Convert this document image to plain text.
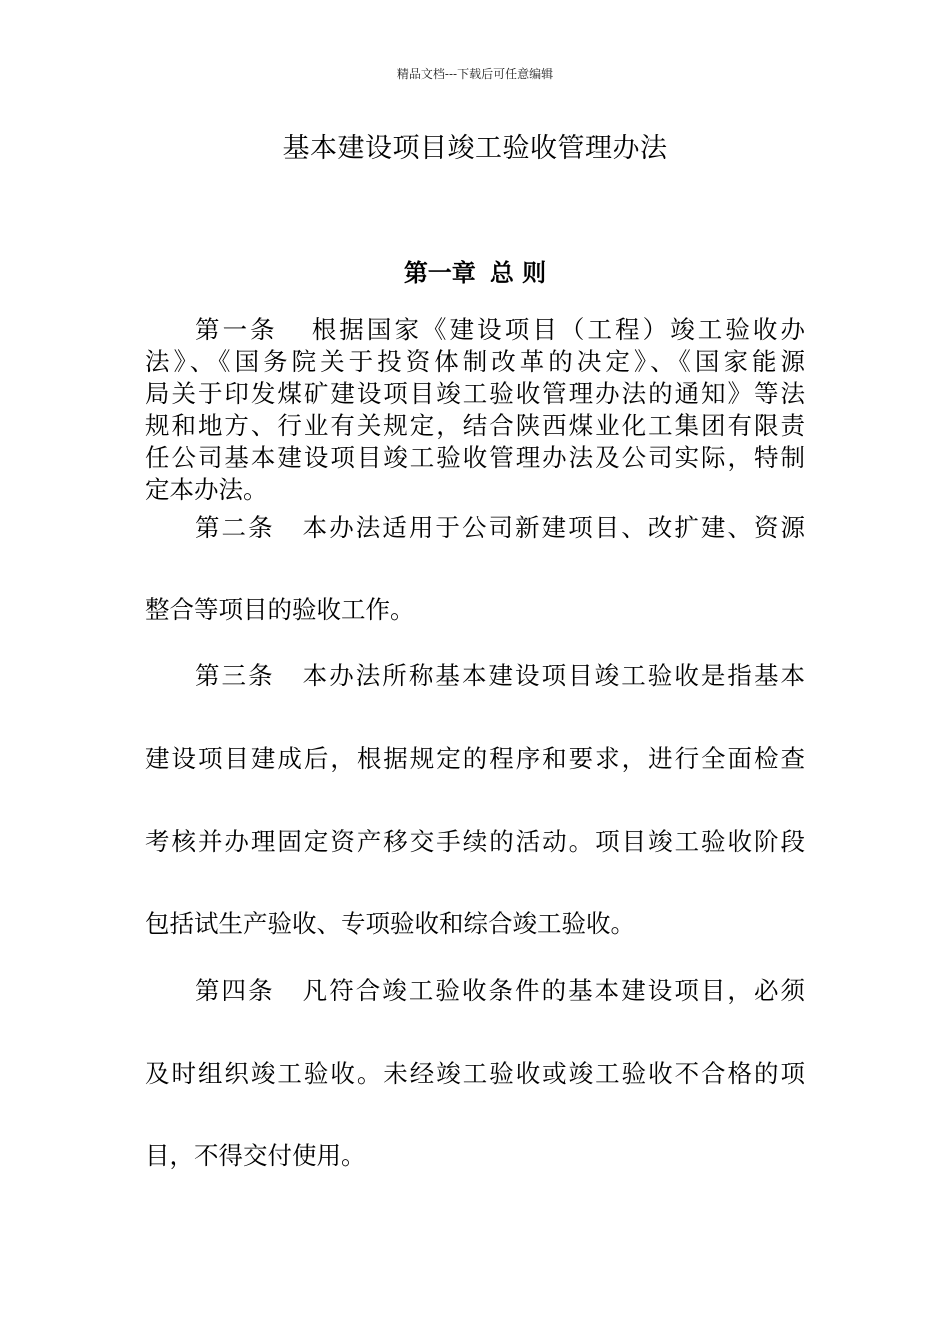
精品文档---下载后可任意编辑
基本建设项目竣工验收管理办法
第一章 总 则
第一条 根据国家《建设项目（工程）竣工验收办
法》、《国务院关于投资体制改革的决定》、《国家能源
局关于印发煤矿建设项目竣工验收管理办法的通知》等法
规和地方、行业有关规定，结合陕西煤业化工集团有限责
任公司基本建设项目竣工验收管理办法及公司实际，特制
定本办法。
第二条 本办法适用于公司新建项目、改扩建、资源
整合等项目的验收工作。
第三条 本办法所称基本建设项目竣工验收是指基本
建设项目建成后，根据规定的程序和要求，进行全面检查
考核并办理固定资产移交手续的活动。项目竣工验收阶段
包括试生产验收、专项验收和综合竣工验收。
第四条 凡符合竣工验收条件的基本建设项目，必须
及时组织竣工验收。未经竣工验收或竣工验收不合格的项
目，不得交付使用。
